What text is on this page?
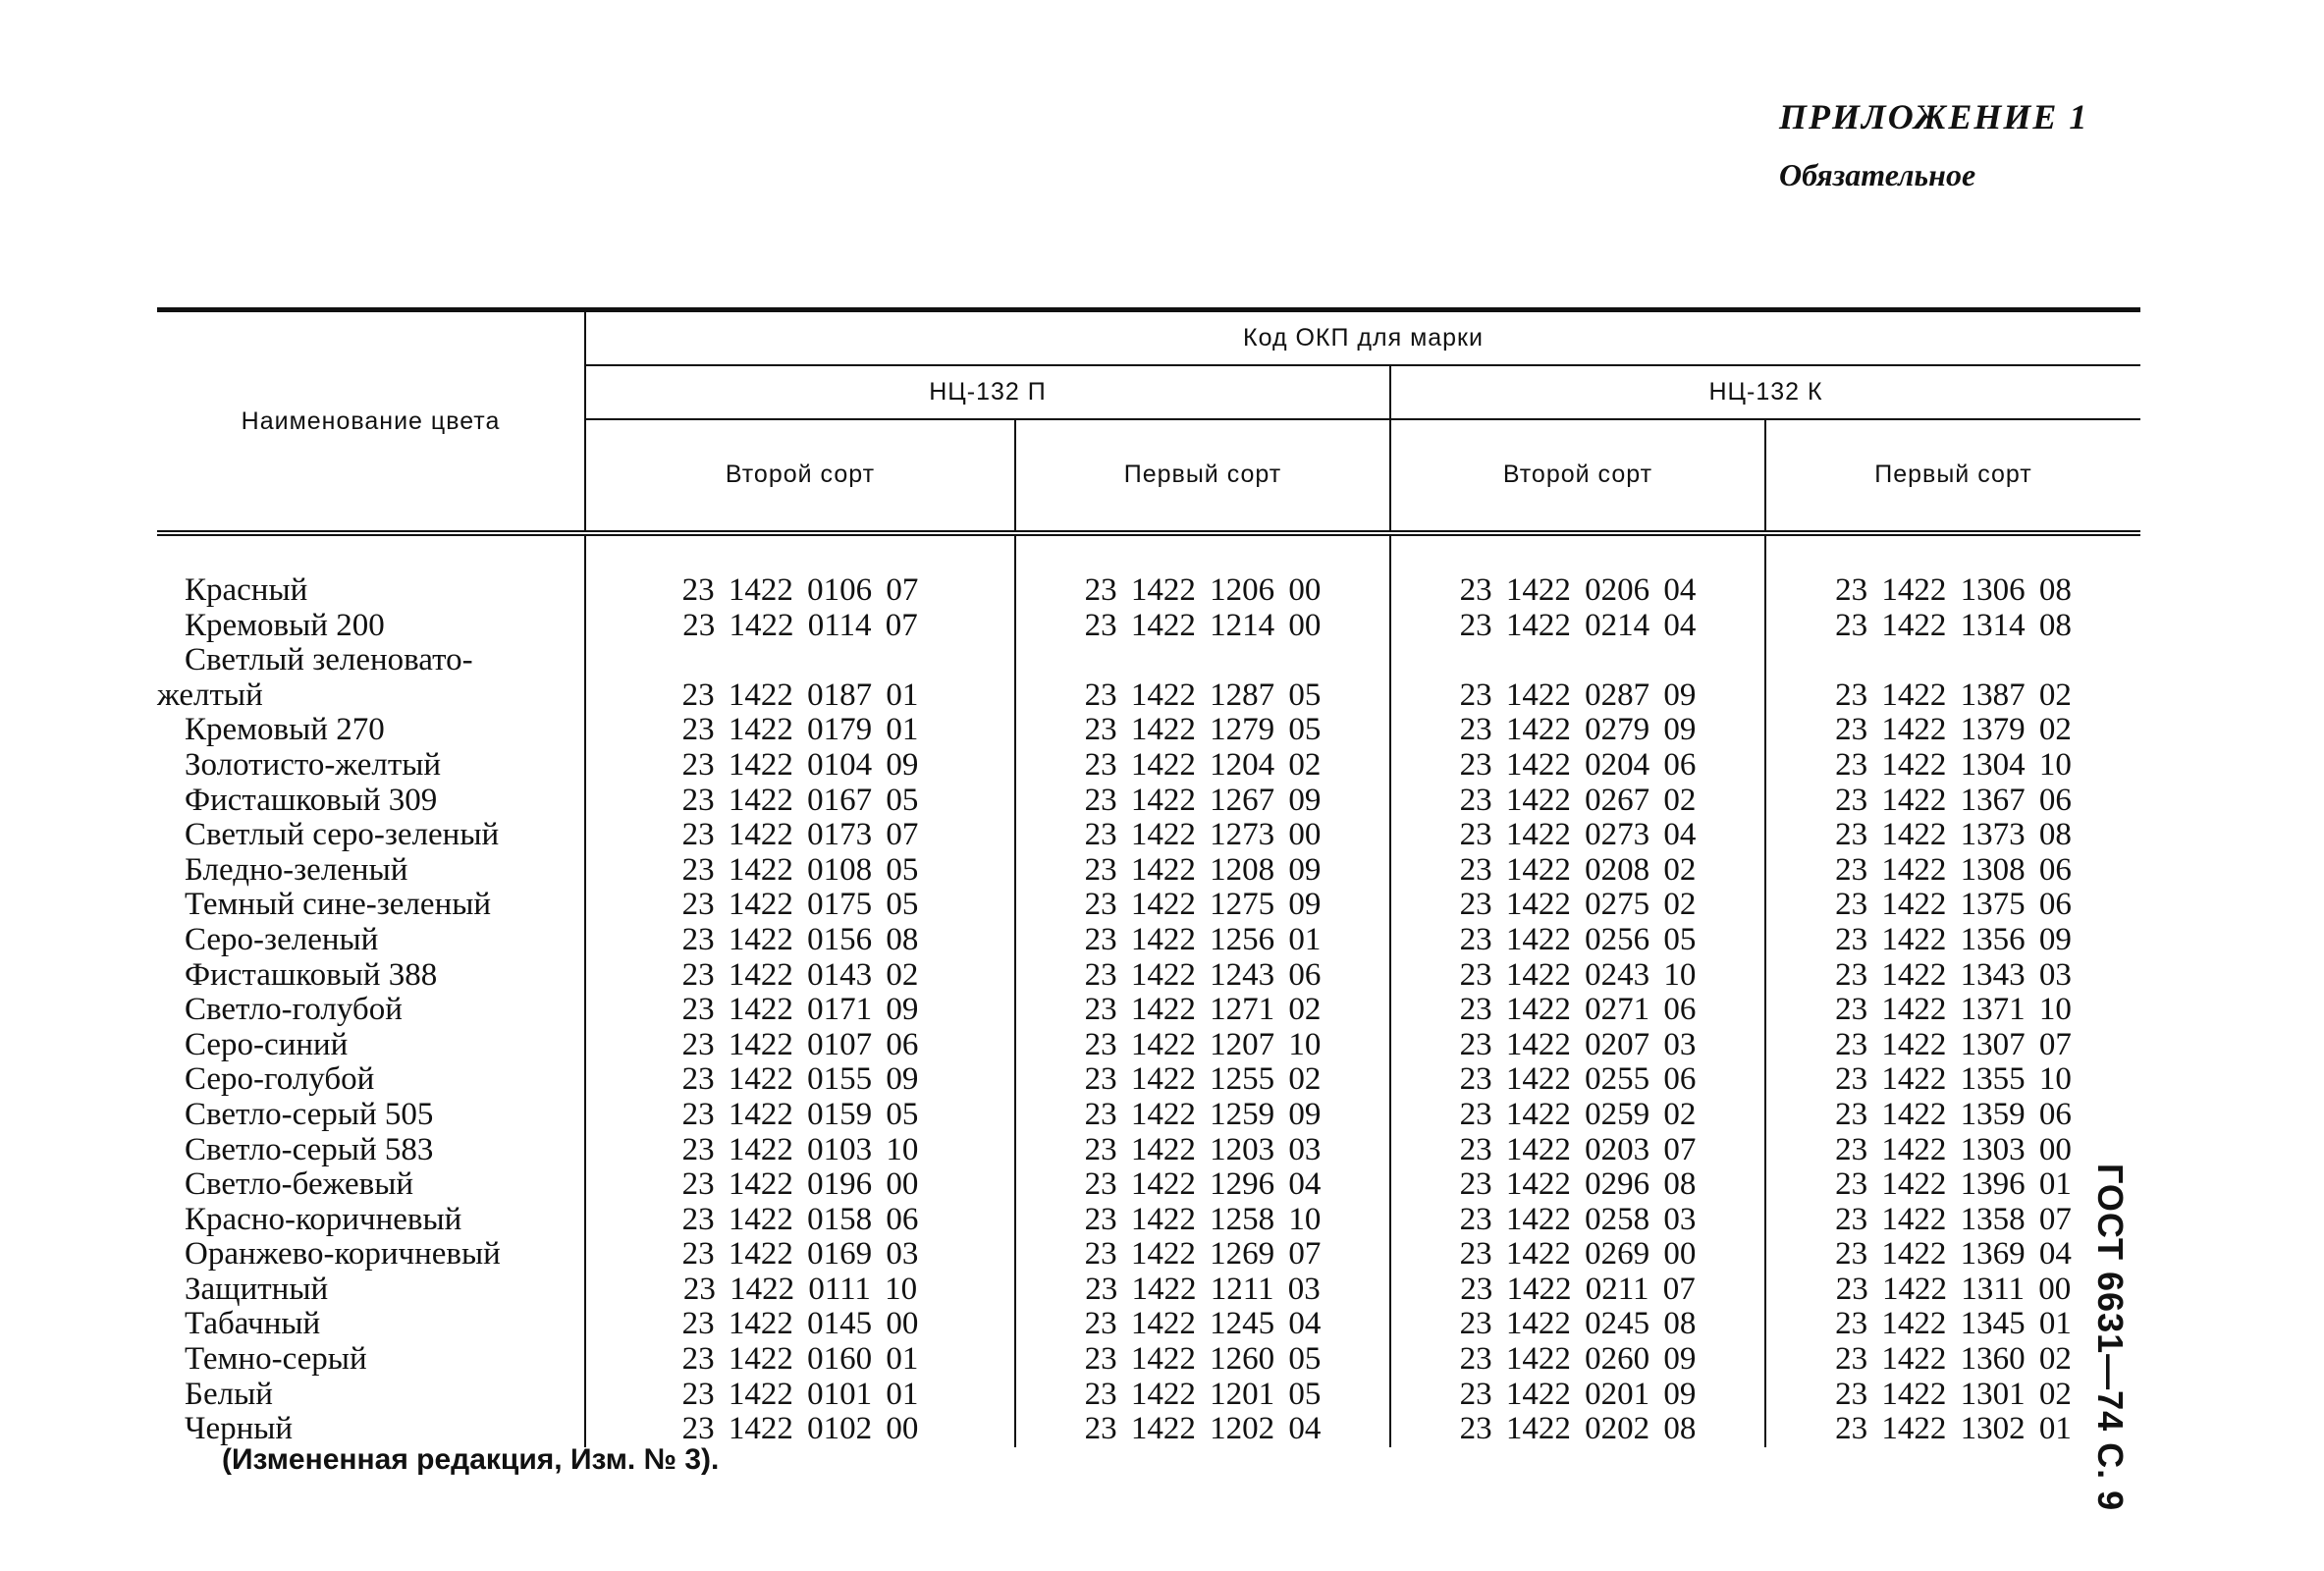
ПРИЛОЖЕНИЕ 1
Обязательное
ГОСТ 6631—74 С. 9
Наименование цвета	Код ОКП для марки			
	НЦ-132 П		НЦ-132 К	
	Второй сорт	Первый сорт	Второй сорт	Первый сорт
Красный	23 1422 0106 07	23 1422 1206 00	23 1422 0206 04	23 1422 1306 08
Кремовый 200	23 1422 0114 07	23 1422 1214 00	23 1422 0214 04	23 1422 1314 08

Светлый зеленовато-
желтый	23 1422 0187 01	23 1422 1287 05	23 1422 0287 09	23 1422 1387 02
Кремовый 270	23 1422 0179 01	23 1422 1279 05	23 1422 0279 09	23 1422 1379 02
Золотисто-желтый	23 1422 0104 09	23 1422 1204 02	23 1422 0204 06	23 1422 1304 10
Фисташковый 309	23 1422 0167 05	23 1422 1267 09	23 1422 0267 02	23 1422 1367 06
Светлый серо-зеленый	23 1422 0173 07	23 1422 1273 00	23 1422 0273 04	23 1422 1373 08
Бледно-зеленый	23 1422 0108 05	23 1422 1208 09	23 1422 0208 02	23 1422 1308 06
Темный сине-зеленый	23 1422 0175 05	23 1422 1275 09	23 1422 0275 02	23 1422 1375 06
Серо-зеленый	23 1422 0156 08	23 1422 1256 01	23 1422 0256 05	23 1422 1356 09
Фисташковый 388	23 1422 0143 02	23 1422 1243 06	23 1422 0243 10	23 1422 1343 03
Светло-голубой	23 1422 0171 09	23 1422 1271 02	23 1422 0271 06	23 1422 1371 10
Серо-синий	23 1422 0107 06	23 1422 1207 10	23 1422 0207 03	23 1422 1307 07
Серо-голубой	23 1422 0155 09	23 1422 1255 02	23 1422 0255 06	23 1422 1355 10
Светло-серый 505	23 1422 0159 05	23 1422 1259 09	23 1422 0259 02	23 1422 1359 06
Светло-серый 583	23 1422 0103 10	23 1422 1203 03	23 1422 0203 07	23 1422 1303 00
Светло-бежевый	23 1422 0196 00	23 1422 1296 04	23 1422 0296 08	23 1422 1396 01
Красно-коричневый	23 1422 0158 06	23 1422 1258 10	23 1422 0258 03	23 1422 1358 07
Оранжево-коричневый	23 1422 0169 03	23 1422 1269 07	23 1422 0269 00	23 1422 1369 04
Защитный	23 1422 0111 10	23 1422 1211 03	23 1422 0211 07	23 1422 1311 00
Табачный	23 1422 0145 00	23 1422 1245 04	23 1422 0245 08	23 1422 1345 01
Темно-серый	23 1422 0160 01	23 1422 1260 05	23 1422 0260 09	23 1422 1360 02
Белый	23 1422 0101 01	23 1422 1201 05	23 1422 0201 09	23 1422 1301 02
Черный	23 1422 0102 00	23 1422 1202 04	23 1422 0202 08	23 1422 1302 01
(Измененная редакция, Изм. № 3).
